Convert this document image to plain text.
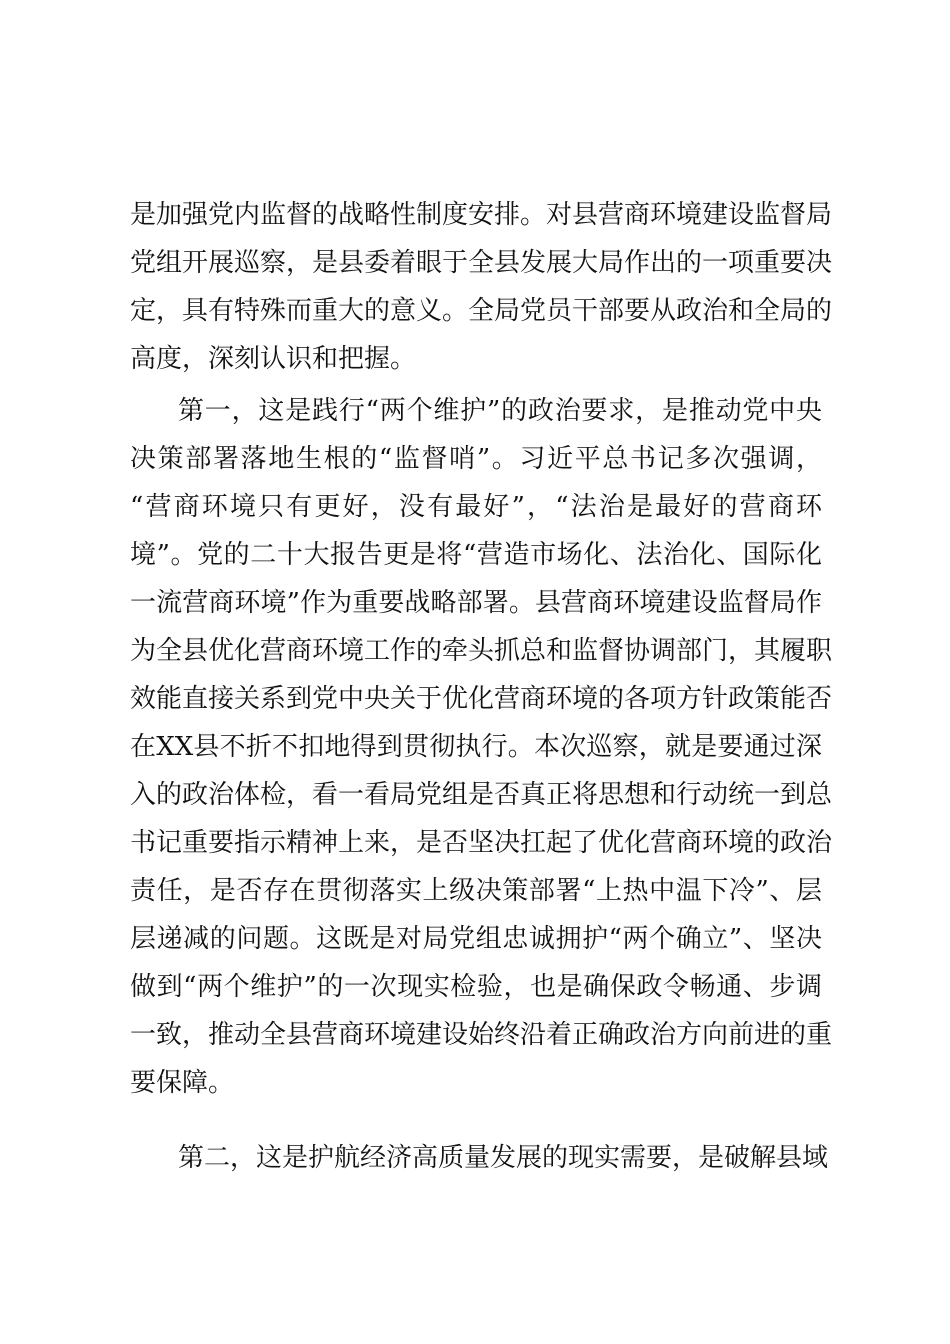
是加强党内监督的战略性制度安排。对县营商环境建设监督局
党组开展巡察，是县委着眼于全县发展大局作出的一项重要决
定，具有特殊而重大的意义。全局党员干部要从政治和全局的
高度，深刻认识和把握。
第一，这是践行“两个维护”的政治要求，是推动党中央
决策部署落地生根的“监督哨”。习近平总书记多次强调，
“营商环境只有更好，没有最好”，“法治是最好的营商环
境”。党的二十大报告更是将“营造市场化、法治化、国际化
一流营商环境”作为重要战略部署。县营商环境建设监督局作
为全县优化营商环境工作的牵头抓总和监督协调部门，其履职
效能直接关系到党中央关于优化营商环境的各项方针政策能否
在XX县不折不扣地得到贯彻执行。本次巡察，就是要通过深
入的政治体检，看一看局党组是否真正将思想和行动统一到总
书记重要指示精神上来，是否坚决扛起了优化营商环境的政治
责任，是否存在贯彻落实上级决策部署“上热中温下冷”、层
层递减的问题。这既是对局党组忠诚拥护“两个确立”、坚决
做到“两个维护”的一次现实检验，也是确保政令畅通、步调
一致，推动全县营商环境建设始终沿着正确政治方向前进的重
要保障。
第二，这是护航经济高质量发展的现实需要，是破解县域
